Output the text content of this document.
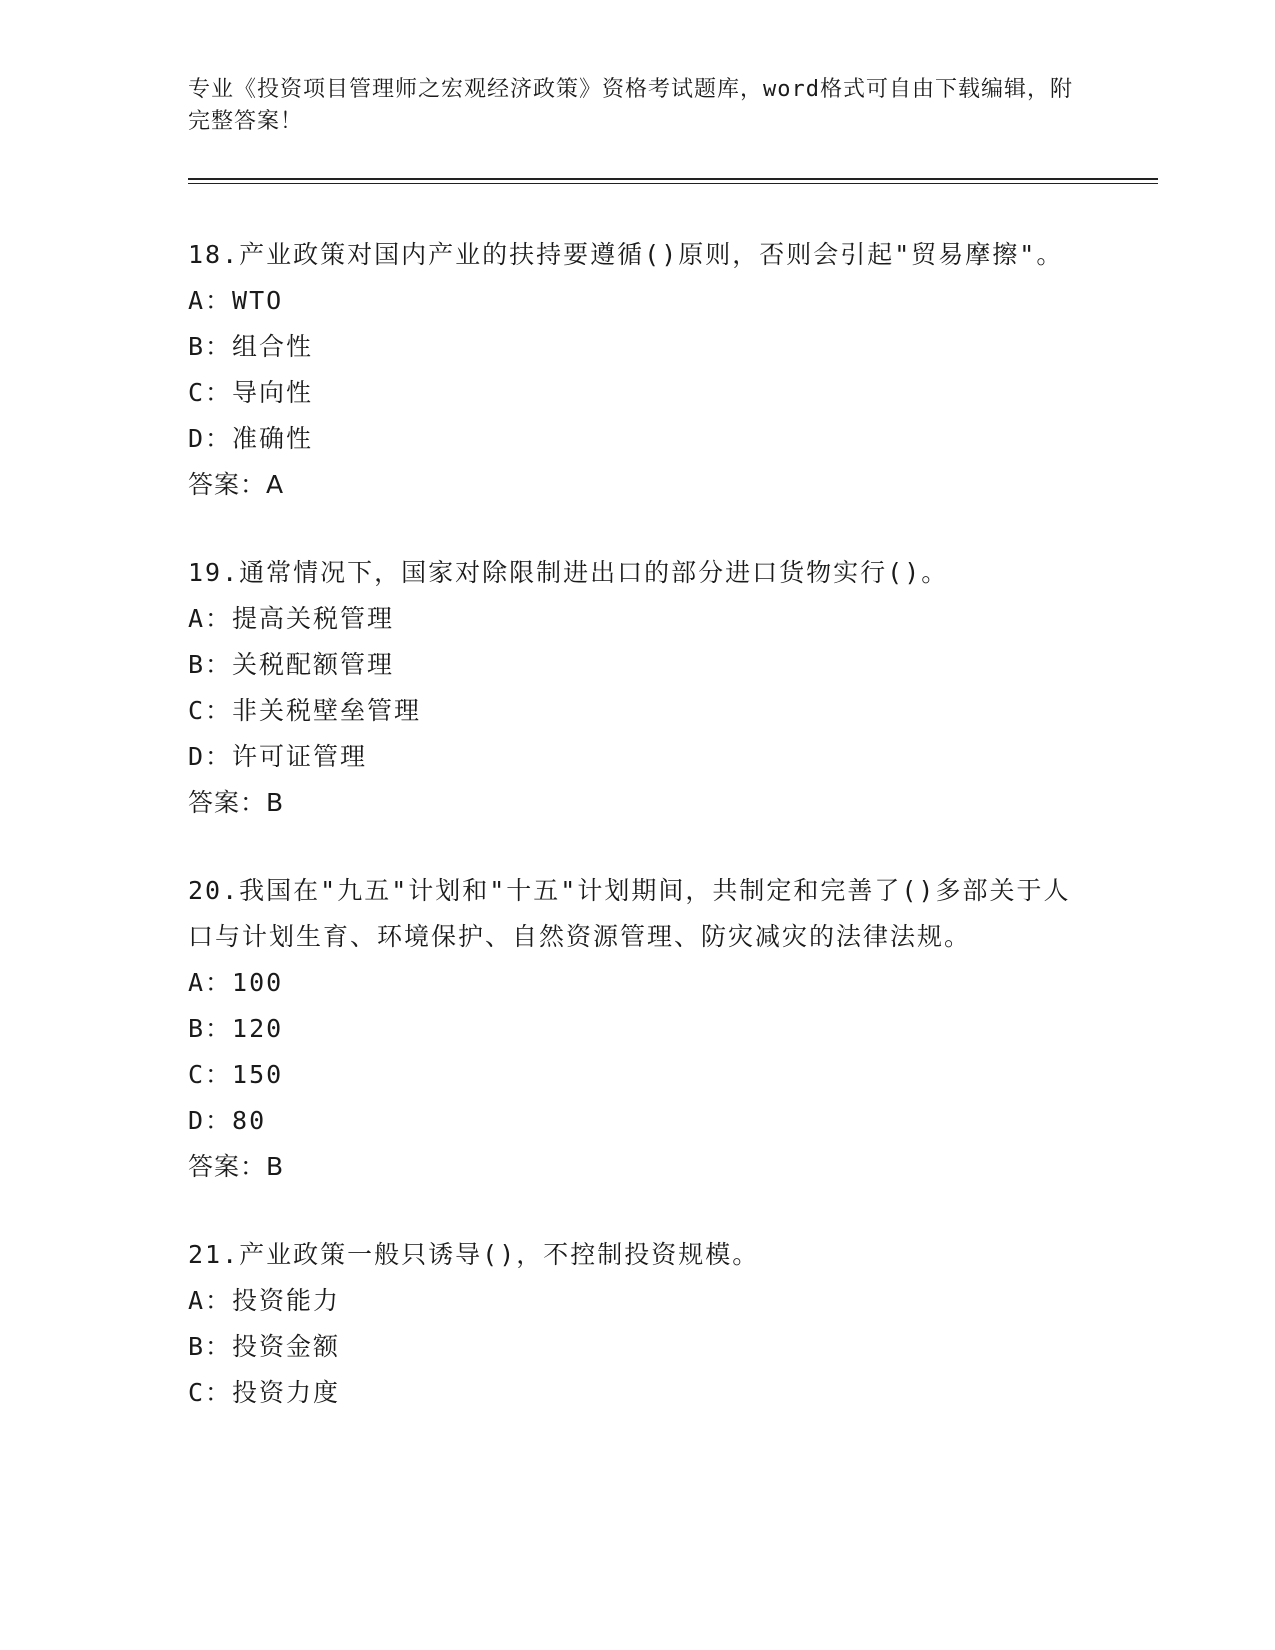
专业《投资项目管理师之宏观经济政策》资格考试题库，word格式可自由下载编辑，附完整答案！
18.产业政策对国内产业的扶持要遵循()原则，否则会引起"贸易摩擦"。
A：WTO
B：组合性
C：导向性
D：准确性
答案：A
19.通常情况下，国家对除限制进出口的部分进口货物实行()。
A：提高关税管理
B：关税配额管理
C：非关税壁垒管理
D：许可证管理
答案：B
20.我国在"九五"计划和"十五"计划期间，共制定和完善了()多部关于人口与计划生育、环境保护、自然资源管理、防灾减灾的法律法规。
A：100
B：120
C：150
D：80
答案：B
21.产业政策一般只诱导()，不控制投资规模。
A：投资能力
B：投资金额
C：投资力度
